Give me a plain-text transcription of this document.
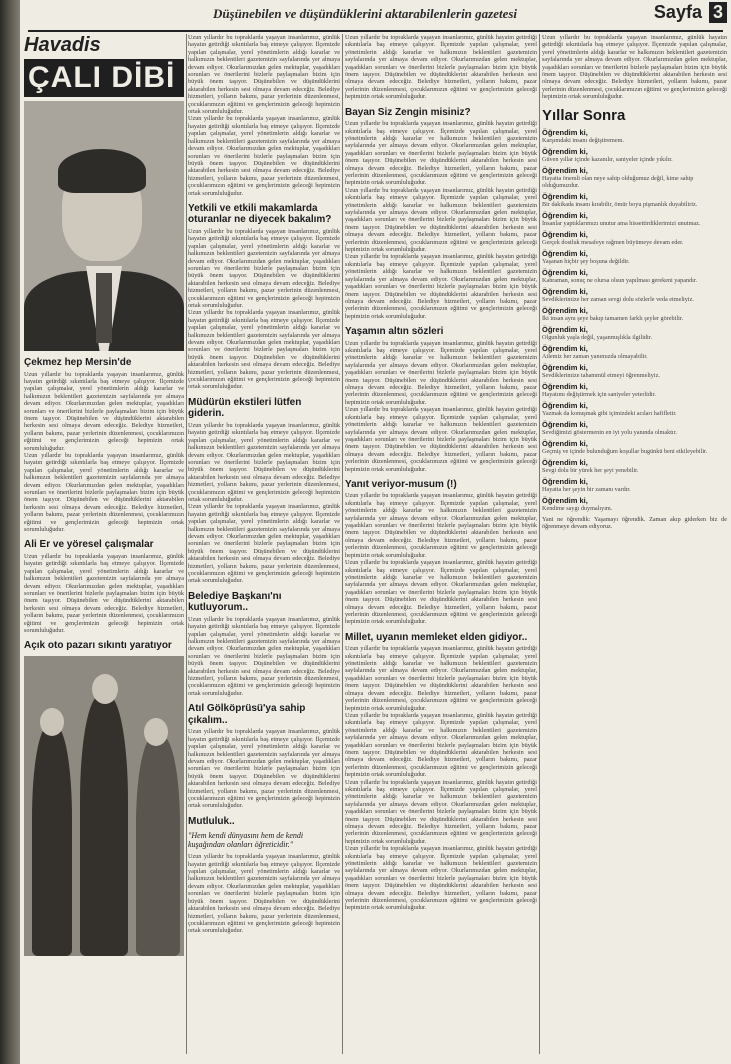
Düşünebilen ve düşündüklerini aktarabilenlerin gazetesi	Sayfa 3
Havadis
ÇALI DİBİ
Çekmez hep Mersin'de

Uzun yıllardır bu topraklarda yaşayan insanlarımız, günlük hayatın getirdiği sıkıntılarla baş etmeye çalışıyor. İlçemizde yapılan çalışmalar, yerel yönetimlerin aldığı kararlar ve halkımızın beklentileri gazetemizin sayfalarında yer almaya devam ediyor. Okurlarımızdan gelen mektuplar, yaşadıkları sorunları ve önerilerini bizlerle paylaşmaları bizim için büyük önem taşıyor. Düşünebilen ve düşündüklerini aktarabilen herkesin sesi olmaya devam edeceğiz. Belediye hizmetleri, yolların bakımı, pazar yerlerinin düzenlenmesi, çocuklarımızın eğitimi ve gençlerimizin geleceği hepimizin ortak sorumluluğudur.

Uzun yıllardır bu topraklarda yaşayan insanlarımız, günlük hayatın getirdiği sıkıntılarla baş etmeye çalışıyor. İlçemizde yapılan çalışmalar, yerel yönetimlerin aldığı kararlar ve halkımızın beklentileri gazetemizin sayfalarında yer almaya devam ediyor. Okurlarımızdan gelen mektuplar, yaşadıkları sorunları ve önerilerini bizlerle paylaşmaları bizim için büyük önem taşıyor. Düşünebilen ve düşündüklerini aktarabilen herkesin sesi olmaya devam edeceğiz. Belediye hizmetleri, yolların bakımı, pazar yerlerinin düzenlenmesi, çocuklarımızın eğitimi ve gençlerimizin geleceği hepimizin ortak sorumluluğudur.

Ali Er ve yöresel çalışmalar

Uzun yıllardır bu topraklarda yaşayan insanlarımız, günlük hayatın getirdiği sıkıntılarla baş etmeye çalışıyor. İlçemizde yapılan çalışmalar, yerel yönetimlerin aldığı kararlar ve halkımızın beklentileri gazetemizin sayfalarında yer almaya devam ediyor. Okurlarımızdan gelen mektuplar, yaşadıkları sorunları ve önerilerini bizlerle paylaşmaları bizim için büyük önem taşıyor. Düşünebilen ve düşündüklerini aktarabilen herkesin sesi olmaya devam edeceğiz. Belediye hizmetleri, yolların bakımı, pazar yerlerinin düzenlenmesi, çocuklarımızın eğitimi ve gençlerimizin geleceği hepimizin ortak sorumluluğudur.

Açık oto pazarı sıkıntı yaratıyor

Uzun yıllardır bu topraklarda yaşayan insanlarımız, günlük hayatın getirdiği sıkıntılarla baş etmeye çalışıyor. İlçemizde yapılan çalışmalar, yerel yönetimlerin aldığı kararlar ve halkımızın beklentileri gazetemizin sayfalarında yer almaya devam ediyor. Okurlarımızdan gelen mektuplar, yaşadıkları sorunları ve önerilerini bizlerle paylaşmaları bizim için büyük önem taşıyor. Düşünebilen ve düşündüklerini aktarabilen herkesin sesi olmaya devam edeceğiz. Belediye hizmetleri, yolların bakımı, pazar yerlerinin düzenlenmesi, çocuklarımızın eğitimi ve gençlerimizin geleceği hepimizin ortak sorumluluğudur.

Uzun yıllardır bu topraklarda yaşayan insanlarımız, günlük hayatın getirdiği sıkıntılarla baş etmeye çalışıyor. İlçemizde yapılan çalışmalar, yerel yönetimlerin aldığı kararlar ve halkımızın beklentileri gazetemizin sayfalarında yer almaya devam ediyor. Okurlarımızdan gelen mektuplar, yaşadıkları sorunları ve önerilerini bizlerle paylaşmaları bizim için büyük önem taşıyor. Düşünebilen ve düşündüklerini aktarabilen herkesin sesi olmaya devam edeceğiz. Belediye hizmetleri, yolların bakımı, pazar yerlerinin düzenlenmesi, çocuklarımızın eğitimi ve gençlerimizin geleceği hepimizin ortak sorumluluğudur.

Yetkili ve etkili makamlarda oturanlar ne diyecek bakalım?

Uzun yıllardır bu topraklarda yaşayan insanlarımız, günlük hayatın getirdiği sıkıntılarla baş etmeye çalışıyor. İlçemizde yapılan çalışmalar, yerel yönetimlerin aldığı kararlar ve halkımızın beklentileri gazetemizin sayfalarında yer almaya devam ediyor. Okurlarımızdan gelen mektuplar, yaşadıkları sorunları ve önerilerini bizlerle paylaşmaları bizim için büyük önem taşıyor. Düşünebilen ve düşündüklerini aktarabilen herkesin sesi olmaya devam edeceğiz. Belediye hizmetleri, yolların bakımı, pazar yerlerinin düzenlenmesi, çocuklarımızın eğitimi ve gençlerimizin geleceği hepimizin ortak sorumluluğudur.

Uzun yıllardır bu topraklarda yaşayan insanlarımız, günlük hayatın getirdiği sıkıntılarla baş etmeye çalışıyor. İlçemizde yapılan çalışmalar, yerel yönetimlerin aldığı kararlar ve halkımızın beklentileri gazetemizin sayfalarında yer almaya devam ediyor. Okurlarımızdan gelen mektuplar, yaşadıkları sorunları ve önerilerini bizlerle paylaşmaları bizim için büyük önem taşıyor. Düşünebilen ve düşündüklerini aktarabilen herkesin sesi olmaya devam edeceğiz. Belediye hizmetleri, yolların bakımı, pazar yerlerinin düzenlenmesi, çocuklarımızın eğitimi ve gençlerimizin geleceği hepimizin ortak sorumluluğudur.

Müdürün ekstileri lütfen giderin.

Uzun yıllardır bu topraklarda yaşayan insanlarımız, günlük hayatın getirdiği sıkıntılarla baş etmeye çalışıyor. İlçemizde yapılan çalışmalar, yerel yönetimlerin aldığı kararlar ve halkımızın beklentileri gazetemizin sayfalarında yer almaya devam ediyor. Okurlarımızdan gelen mektuplar, yaşadıkları sorunları ve önerilerini bizlerle paylaşmaları bizim için büyük önem taşıyor. Düşünebilen ve düşündüklerini aktarabilen herkesin sesi olmaya devam edeceğiz. Belediye hizmetleri, yolların bakımı, pazar yerlerinin düzenlenmesi, çocuklarımızın eğitimi ve gençlerimizin geleceği hepimizin ortak sorumluluğudur.

Uzun yıllardır bu topraklarda yaşayan insanlarımız, günlük hayatın getirdiği sıkıntılarla baş etmeye çalışıyor. İlçemizde yapılan çalışmalar, yerel yönetimlerin aldığı kararlar ve halkımızın beklentileri gazetemizin sayfalarında yer almaya devam ediyor. Okurlarımızdan gelen mektuplar, yaşadıkları sorunları ve önerilerini bizlerle paylaşmaları bizim için büyük önem taşıyor. Düşünebilen ve düşündüklerini aktarabilen herkesin sesi olmaya devam edeceğiz. Belediye hizmetleri, yolların bakımı, pazar yerlerinin düzenlenmesi, çocuklarımızın eğitimi ve gençlerimizin geleceği hepimizin ortak sorumluluğudur.

Belediye Başkanı'nı kutluyorum..

Uzun yıllardır bu topraklarda yaşayan insanlarımız, günlük hayatın getirdiği sıkıntılarla baş etmeye çalışıyor. İlçemizde yapılan çalışmalar, yerel yönetimlerin aldığı kararlar ve halkımızın beklentileri gazetemizin sayfalarında yer almaya devam ediyor. Okurlarımızdan gelen mektuplar, yaşadıkları sorunları ve önerilerini bizlerle paylaşmaları bizim için büyük önem taşıyor. Düşünebilen ve düşündüklerini aktarabilen herkesin sesi olmaya devam edeceğiz. Belediye hizmetleri, yolların bakımı, pazar yerlerinin düzenlenmesi, çocuklarımızın eğitimi ve gençlerimizin geleceği hepimizin ortak sorumluluğudur.

Atıl Gölköprüsü'ya sahip çıkalım..

Uzun yıllardır bu topraklarda yaşayan insanlarımız, günlük hayatın getirdiği sıkıntılarla baş etmeye çalışıyor. İlçemizde yapılan çalışmalar, yerel yönetimlerin aldığı kararlar ve halkımızın beklentileri gazetemizin sayfalarında yer almaya devam ediyor. Okurlarımızdan gelen mektuplar, yaşadıkları sorunları ve önerilerini bizlerle paylaşmaları bizim için büyük önem taşıyor. Düşünebilen ve düşündüklerini aktarabilen herkesin sesi olmaya devam edeceğiz. Belediye hizmetleri, yolların bakımı, pazar yerlerinin düzenlenmesi, çocuklarımızın eğitimi ve gençlerimizin geleceği hepimizin ortak sorumluluğudur.

Mutluluk..

"Hem kendi dünyasını hem de kendi kuşağından olanları öğreticidir."

Uzun yıllardır bu topraklarda yaşayan insanlarımız, günlük hayatın getirdiği sıkıntılarla baş etmeye çalışıyor. İlçemizde yapılan çalışmalar, yerel yönetimlerin aldığı kararlar ve halkımızın beklentileri gazetemizin sayfalarında yer almaya devam ediyor. Okurlarımızdan gelen mektuplar, yaşadıkları sorunları ve önerilerini bizlerle paylaşmaları bizim için büyük önem taşıyor. Düşünebilen ve düşündüklerini aktarabilen herkesin sesi olmaya devam edeceğiz. Belediye hizmetleri, yolların bakımı, pazar yerlerinin düzenlenmesi, çocuklarımızın eğitimi ve gençlerimizin geleceği hepimizin ortak sorumluluğudur.

Uzun yıllardır bu topraklarda yaşayan insanlarımız, günlük hayatın getirdiği sıkıntılarla baş etmeye çalışıyor. İlçemizde yapılan çalışmalar, yerel yönetimlerin aldığı kararlar ve halkımızın beklentileri gazetemizin sayfalarında yer almaya devam ediyor. Okurlarımızdan gelen mektuplar, yaşadıkları sorunları ve önerilerini bizlerle paylaşmaları bizim için büyük önem taşıyor. Düşünebilen ve düşündüklerini aktarabilen herkesin sesi olmaya devam edeceğiz. Belediye hizmetleri, yolların bakımı, pazar yerlerinin düzenlenmesi, çocuklarımızın eğitimi ve gençlerimizin geleceği hepimizin ortak sorumluluğudur.

Bayan Siz Zengin misiniz?

Uzun yıllardır bu topraklarda yaşayan insanlarımız, günlük hayatın getirdiği sıkıntılarla baş etmeye çalışıyor. İlçemizde yapılan çalışmalar, yerel yönetimlerin aldığı kararlar ve halkımızın beklentileri gazetemizin sayfalarında yer almaya devam ediyor. Okurlarımızdan gelen mektuplar, yaşadıkları sorunları ve önerilerini bizlerle paylaşmaları bizim için büyük önem taşıyor. Düşünebilen ve düşündüklerini aktarabilen herkesin sesi olmaya devam edeceğiz. Belediye hizmetleri, yolların bakımı, pazar yerlerinin düzenlenmesi, çocuklarımızın eğitimi ve gençlerimizin geleceği hepimizin ortak sorumluluğudur.

Uzun yıllardır bu topraklarda yaşayan insanlarımız, günlük hayatın getirdiği sıkıntılarla baş etmeye çalışıyor. İlçemizde yapılan çalışmalar, yerel yönetimlerin aldığı kararlar ve halkımızın beklentileri gazetemizin sayfalarında yer almaya devam ediyor. Okurlarımızdan gelen mektuplar, yaşadıkları sorunları ve önerilerini bizlerle paylaşmaları bizim için büyük önem taşıyor. Düşünebilen ve düşündüklerini aktarabilen herkesin sesi olmaya devam edeceğiz. Belediye hizmetleri, yolların bakımı, pazar yerlerinin düzenlenmesi, çocuklarımızın eğitimi ve gençlerimizin geleceği hepimizin ortak sorumluluğudur.

Uzun yıllardır bu topraklarda yaşayan insanlarımız, günlük hayatın getirdiği sıkıntılarla baş etmeye çalışıyor. İlçemizde yapılan çalışmalar, yerel yönetimlerin aldığı kararlar ve halkımızın beklentileri gazetemizin sayfalarında yer almaya devam ediyor. Okurlarımızdan gelen mektuplar, yaşadıkları sorunları ve önerilerini bizlerle paylaşmaları bizim için büyük önem taşıyor. Düşünebilen ve düşündüklerini aktarabilen herkesin sesi olmaya devam edeceğiz. Belediye hizmetleri, yolların bakımı, pazar yerlerinin düzenlenmesi, çocuklarımızın eğitimi ve gençlerimizin geleceği hepimizin ortak sorumluluğudur.

Yaşamın altın sözleri

Uzun yıllardır bu topraklarda yaşayan insanlarımız, günlük hayatın getirdiği sıkıntılarla baş etmeye çalışıyor. İlçemizde yapılan çalışmalar, yerel yönetimlerin aldığı kararlar ve halkımızın beklentileri gazetemizin sayfalarında yer almaya devam ediyor. Okurlarımızdan gelen mektuplar, yaşadıkları sorunları ve önerilerini bizlerle paylaşmaları bizim için büyük önem taşıyor. Düşünebilen ve düşündüklerini aktarabilen herkesin sesi olmaya devam edeceğiz. Belediye hizmetleri, yolların bakımı, pazar yerlerinin düzenlenmesi, çocuklarımızın eğitimi ve gençlerimizin geleceği hepimizin ortak sorumluluğudur.

Uzun yıllardır bu topraklarda yaşayan insanlarımız, günlük hayatın getirdiği sıkıntılarla baş etmeye çalışıyor. İlçemizde yapılan çalışmalar, yerel yönetimlerin aldığı kararlar ve halkımızın beklentileri gazetemizin sayfalarında yer almaya devam ediyor. Okurlarımızdan gelen mektuplar, yaşadıkları sorunları ve önerilerini bizlerle paylaşmaları bizim için büyük önem taşıyor. Düşünebilen ve düşündüklerini aktarabilen herkesin sesi olmaya devam edeceğiz. Belediye hizmetleri, yolların bakımı, pazar yerlerinin düzenlenmesi, çocuklarımızın eğitimi ve gençlerimizin geleceği hepimizin ortak sorumluluğudur.

Yanıt veriyor-musum (!)

Uzun yıllardır bu topraklarda yaşayan insanlarımız, günlük hayatın getirdiği sıkıntılarla baş etmeye çalışıyor. İlçemizde yapılan çalışmalar, yerel yönetimlerin aldığı kararlar ve halkımızın beklentileri gazetemizin sayfalarında yer almaya devam ediyor. Okurlarımızdan gelen mektuplar, yaşadıkları sorunları ve önerilerini bizlerle paylaşmaları bizim için büyük önem taşıyor. Düşünebilen ve düşündüklerini aktarabilen herkesin sesi olmaya devam edeceğiz. Belediye hizmetleri, yolların bakımı, pazar yerlerinin düzenlenmesi, çocuklarımızın eğitimi ve gençlerimizin geleceği hepimizin ortak sorumluluğudur.

Uzun yıllardır bu topraklarda yaşayan insanlarımız, günlük hayatın getirdiği sıkıntılarla baş etmeye çalışıyor. İlçemizde yapılan çalışmalar, yerel yönetimlerin aldığı kararlar ve halkımızın beklentileri gazetemizin sayfalarında yer almaya devam ediyor. Okurlarımızdan gelen mektuplar, yaşadıkları sorunları ve önerilerini bizlerle paylaşmaları bizim için büyük önem taşıyor. Düşünebilen ve düşündüklerini aktarabilen herkesin sesi olmaya devam edeceğiz. Belediye hizmetleri, yolların bakımı, pazar yerlerinin düzenlenmesi, çocuklarımızın eğitimi ve gençlerimizin geleceği hepimizin ortak sorumluluğudur.

Millet, uyanın memleket elden gidiyor..

Uzun yıllardır bu topraklarda yaşayan insanlarımız, günlük hayatın getirdiği sıkıntılarla baş etmeye çalışıyor. İlçemizde yapılan çalışmalar, yerel yönetimlerin aldığı kararlar ve halkımızın beklentileri gazetemizin sayfalarında yer almaya devam ediyor. Okurlarımızdan gelen mektuplar, yaşadıkları sorunları ve önerilerini bizlerle paylaşmaları bizim için büyük önem taşıyor. Düşünebilen ve düşündüklerini aktarabilen herkesin sesi olmaya devam edeceğiz. Belediye hizmetleri, yolların bakımı, pazar yerlerinin düzenlenmesi, çocuklarımızın eğitimi ve gençlerimizin geleceği hepimizin ortak sorumluluğudur.

Uzun yıllardır bu topraklarda yaşayan insanlarımız, günlük hayatın getirdiği sıkıntılarla baş etmeye çalışıyor. İlçemizde yapılan çalışmalar, yerel yönetimlerin aldığı kararlar ve halkımızın beklentileri gazetemizin sayfalarında yer almaya devam ediyor. Okurlarımızdan gelen mektuplar, yaşadıkları sorunları ve önerilerini bizlerle paylaşmaları bizim için büyük önem taşıyor. Düşünebilen ve düşündüklerini aktarabilen herkesin sesi olmaya devam edeceğiz. Belediye hizmetleri, yolların bakımı, pazar yerlerinin düzenlenmesi, çocuklarımızın eğitimi ve gençlerimizin geleceği hepimizin ortak sorumluluğudur.

Uzun yıllardır bu topraklarda yaşayan insanlarımız, günlük hayatın getirdiği sıkıntılarla baş etmeye çalışıyor. İlçemizde yapılan çalışmalar, yerel yönetimlerin aldığı kararlar ve halkımızın beklentileri gazetemizin sayfalarında yer almaya devam ediyor. Okurlarımızdan gelen mektuplar, yaşadıkları sorunları ve önerilerini bizlerle paylaşmaları bizim için büyük önem taşıyor. Düşünebilen ve düşündüklerini aktarabilen herkesin sesi olmaya devam edeceğiz. Belediye hizmetleri, yolların bakımı, pazar yerlerinin düzenlenmesi, çocuklarımızın eğitimi ve gençlerimizin geleceği hepimizin ortak sorumluluğudur.

Uzun yıllardır bu topraklarda yaşayan insanlarımız, günlük hayatın getirdiği sıkıntılarla baş etmeye çalışıyor. İlçemizde yapılan çalışmalar, yerel yönetimlerin aldığı kararlar ve halkımızın beklentileri gazetemizin sayfalarında yer almaya devam ediyor. Okurlarımızdan gelen mektuplar, yaşadıkları sorunları ve önerilerini bizlerle paylaşmaları bizim için büyük önem taşıyor. Düşünebilen ve düşündüklerini aktarabilen herkesin sesi olmaya devam edeceğiz. Belediye hizmetleri, yolların bakımı, pazar yerlerinin düzenlenmesi, çocuklarımızın eğitimi ve gençlerimizin geleceği hepimizin ortak sorumluluğudur.

Uzun yıllardır bu topraklarda yaşayan insanlarımız, günlük hayatın getirdiği sıkıntılarla baş etmeye çalışıyor. İlçemizde yapılan çalışmalar, yerel yönetimlerin aldığı kararlar ve halkımızın beklentileri gazetemizin sayfalarında yer almaya devam ediyor. Okurlarımızdan gelen mektuplar, yaşadıkları sorunları ve önerilerini bizlerle paylaşmaları bizim için büyük önem taşıyor. Düşünebilen ve düşündüklerini aktarabilen herkesin sesi olmaya devam edeceğiz. Belediye hizmetleri, yolların bakımı, pazar yerlerinin düzenlenmesi, çocuklarımızın eğitimi ve gençlerimizin geleceği hepimizin ortak sorumluluğudur.

Yıllar Sonra
Öğrendim ki,
Karşımdaki insanı değiştiremem.
Öğrendim ki,
Güven yıllar içinde kazanılır, saniyeler içinde yıkılır.
Öğrendim ki,
Hayatta önemli olan neye sahip olduğumuz değil, kime sahip olduğumuzdur.
Öğrendim ki,
Bir dakikada insanı kırabilir, ömür boyu pişmanlık duyabiliriz.
Öğrendim ki,
İnsanlar yaptıklarımızı unutur ama hissettirdiklerimizi unutmaz.
Öğrendim ki,
Gerçek dostluk mesafeye rağmen büyümeye devam eder.
Öğrendim ki,
Yaşanan hiçbir şey boşuna değildir.
Öğrendim ki,
Kahraman, sonuç ne olursa olsun yapılması gerekeni yapandır.
Öğrendim ki,
Sevdiklerimize her zaman sevgi dolu sözlerle veda etmeliyiz.
Öğrendim ki,
İki insan aynı şeye bakıp tamamen farklı şeyler görebilir.
Öğrendim ki,
Olgunluk yaşla değil, yaşanmışlıkla ilgilidir.
Öğrendim ki,
Ailemiz her zaman yanımızda olmayabilir.
Öğrendim ki,
Sevdiklerimize tahammül etmeyi öğrenmeliyiz.
Öğrendim ki,
Hayatımı değiştirmek için saniyeler yeterlidir.
Öğrendim ki,
Yazmak da konuşmak gibi içimizdeki acıları hafifletir.
Öğrendim ki,
Sevdiğimizi göstermenin en iyi yolu yanında olmaktır.
Öğrendim ki,
Geçmiş ve içinde bulunduğum koşullar bugünkü beni etkileyebilir.
Öğrendim ki,
Sevgi dolu bir yürek her şeyi yenebilir.
Öğrendim ki,
Hayatta her şeyin bir zamanı vardır.
Öğrendim ki,
Kendime saygı duymalıyım.

Yani ne öğrendik: Yaşamayı öğrendik. Zaman akıp giderken biz de öğrenmeye devam ediyoruz.
